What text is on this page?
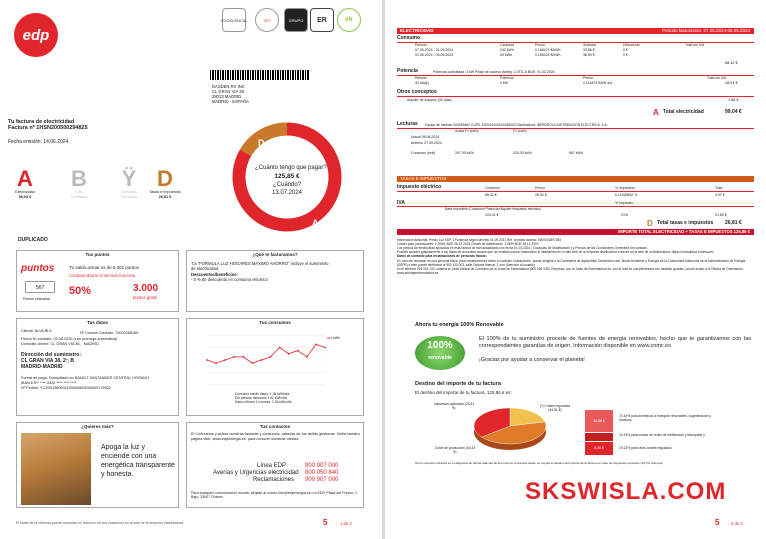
edp
EXCELENCIA	ISO	GRUPO ER	efr
DASDEN RX INC
CL GRAN VIA 38
28013 MADRID
MADRID - ESPAÑA
Tu factura de electricidad
Factura nº 1HSN200500294825
Fecha emisión: 14.06.2024
A
Electricidad
99,04 €
B
Gas
Contratos
Ÿ
Servicios
Contratos
D
Tasas e impuestos
26,81 €
D
A
¿Cuánto tengo que pagar?
125,85 €
¿Cuándo?
13.07.2024
DUPLICADO
Tus puntos
puntos	Tu saldo actual es de 6.301 puntos
Contrato ahorro el servicio funciona
567
Puntos obtenidos
50%	3.000
puntos gratis
¿Qué te facturamos?
T.a "FÓRMULA LUZ HOGARES MÁXIMO AHORRO" incluye el suministro
de electricidad
Descuentos/beneficios:
- 5 % de descuento en consumo eléctrico
Tus datos
Nº Cuenta Contrato: 70000268165
Cliente: ALVA BLZ
Fecha fin contrato: 09.08.2025 (con prórroga automática)
Domicilio cliente: CL GRAN VIA 38, , MADRID
Dirección del suministro:
CL GRAN VIA 38, 2º, B
MADRID-MADRID
Forma de pago: Domiciliado en BANCO SANTANDER CENTRAL HISPANO
IBAN ES** **** 5325 **** **** ****
Nº Pedido: YC15S1380631190000683000000178922
Tus consumos
kWh
Consumo medio diario: 1,36 kWh/día
Del periodo facturado 1,62 kWh/día
Datos últimos 14 meses: 1,36 kWh/día
¿Quieres más?
Apoga la luz y enciende con una energética transparente y honesta.
Tus contactos
El Cuéntanos y aclara nuestras facturas y consumos, además de tus tarifas gestionar. Visita nuestra página web, www.edpenergia.es, para conocer nuestras ofertas.
Línea EDP	900 907 000
Averías y Urgencias electricidad 800 050 840
Reclamaciones 900 907 000
Para cualquier comunicación escrita, diríjase al correo info@edpenergia.es o a EDP, Plaza del Fresno, 2 Bajo, 33007 Oviedo
El titular de la vivienda puede consultar un histórico de sus consumos en la web de la empresa distribuidora.	5	1 de 2
ELECTRICIDAD	Periodo facturación: 07.05.2024-05.06.2024
Consumo
Periodo	Cantidad	Precio	Subtotal	Descuento	Total sin IVA
07.05.2024 - 31.05.2024	242 kWh	0,168474 €/kWh	33,56 €	0 €
01.06.2024 - 05.06.2024	69 kWh	0,168024 €/kWh	38,50 €	0 €
68,42 €
Potencia	Potencia contratada: 4 kW Peaje de acceso (tarifa): 2.0TD-A BOE: 01.02.2024
Periodo	Potencia	Precio	Total sin IVA
43 día(s)	4 kW	0,114873 €/kW día	28,94 €
Otros conceptos
Alquiler de equipos (30 días)	1,68 €
A Total electricidad	99,04 €
Lecturas Equipo de medida: 000081662 CUPS: ES0021000016158002 Distribuidora: IBERDROLA DISTRIBUCIÓN ELÉCTRICA, S.A.
Activa P1 (kWh)	P2 (kWh)
Actual 05.06.2024
Anterior 07.05.2024
Consumo (real)	257,00 kWh	310,00 kWh	567 kWh
TASAS E IMPUESTOS
Impuesto eléctrico	Consumo	Precio	% impuestos	Total
68,42 €	28,94 €	5,11269632 %	4,97 €
IVA	% impuesto
Base imponible (Consumo+Potencia+Alquiler+Impuesto eléctrico)
104,01 €	21%	21,85 €
D Total tasas e impuestos 26,81 €
IMPORTE TOTAL ELECTRICIDAD + TASAS E IMPUESTOS 125,85 €
Información adicional: Precio Luz EDP 1 Ponencia según decreto 01.09.2021 Ref. contrato acceso: 6000001897284
Costes para peninsulares: 0,206% BOE 28.12.2023 Costes de distribución: 1,0499 BOE 28.12.2023
Los precios de electricidad aplicados en esta factura se han actualizado con fecha 01.03.2024 ( Cláusulas de Modificación ) y Precios de las Condiciones Generales del contrato.
Puedes acceder gratuitamente a los datos de la medida horaria que ha remitido para tu facturación el distribuidor en el sitio web de la empresa distribuidora a través de la web de la distribuidora: https://consultaluz.endesa.es/
Datos de contacto para reclamaciones de personas físicas:
En caso de reclamar de una persona física, para reclamaciones sobre el contrato o facturación, puede dirigirse a la Consejería de Agricultura, Desarrollo rural, Medio Ambiente y Energía de la Comunidad Autónoma de la Administración de Energía (SEPE) o bien puede telefonear al 900 100 003, calle Dolores Ibarruri, 1 con (Atención al usuario)
en el teléfono 924 004 700, ostenta la Junta Arbitral de Consumo de la Junta de Extremadura (900 906 040). Empresa, con la Junta de Extremadura es, con el cual se cumplimentará con carácter gratuito, puede acudir a la Oficina de Orientación: www.arbitrajeextremadura.es
Ahora tu energía 100% Renovable
100%
renovable
El 100% de tu suministro procede de fuentes de energía renovables, hecho que te garantizamos con las correspondientes garantías de origen. Información disponible en www.cnmc.es
¡Gracias por ayudar a conservar el planeta!
Destino del importe de tu factura
El destino del importe de tu factura, 125,85 € es:
Impuestos aplicados (26,81 €)
Coste de producción (54,43 €)
(*) Costes regulados (44,61 €)
35,88 €
8,05 €
70,44% para incentivos a energías renovables, cogeneración y residuos.
10,19% para costes de redes de distribución y transporte y
19,22% para otros costes regulados
Otros importes incluidos en el diagrama de barras además de los mismos conceptos tasas, se imputa el destino del importe de la factura en caso de impuestos previstos (19,7% más sus)
SKSWISLA.COM
5	2 de 2
